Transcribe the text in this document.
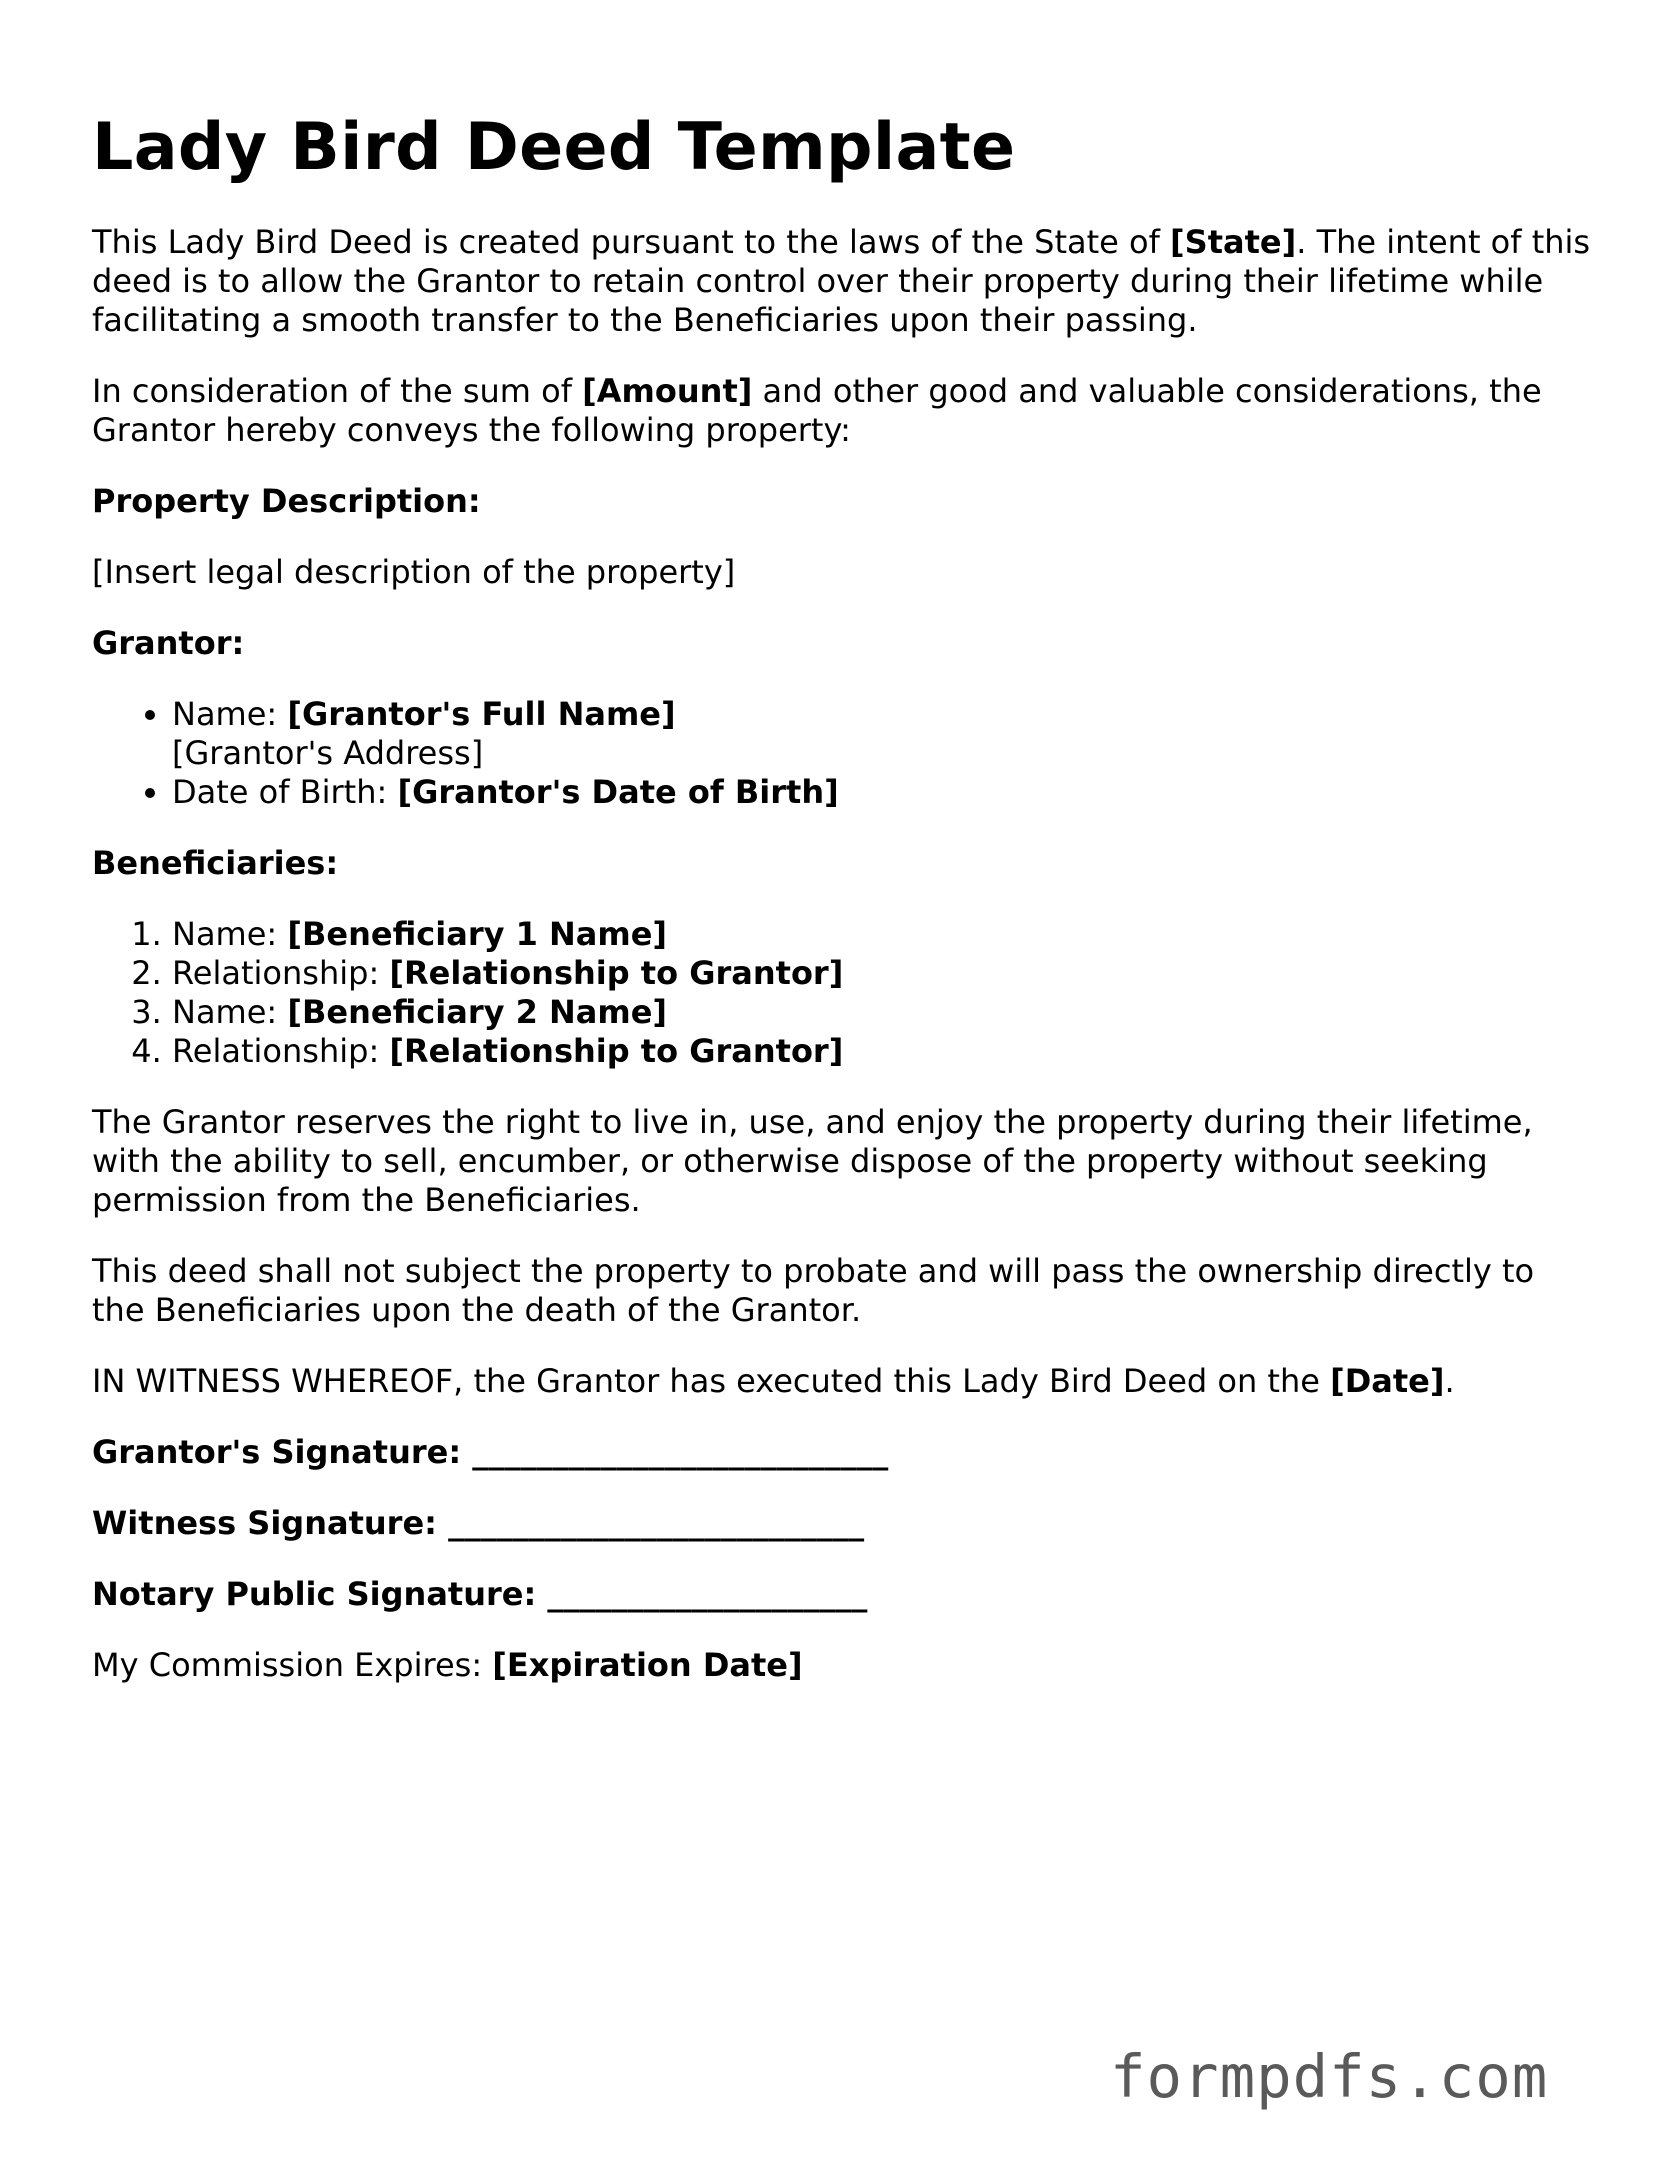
Lady Bird Deed Template

This Lady Bird Deed is created pursuant to the laws of the State of [State]. The intent of this deed is to allow the Grantor to retain control over their property during their lifetime while facilitating a smooth transfer to the Beneficiaries upon their passing.

In consideration of the sum of [Amount] and other good and valuable considerations, the Grantor hereby conveys the following property:

Property Description:

[Insert legal description of the property]

Grantor:

• Name: [Grantor's Full Name]
[Grantor's Address]
• Date of Birth: [Grantor's Date of Birth]

Beneficiaries:

1. Name: [Beneficiary 1 Name]
2. Relationship: [Relationship to Grantor]
3. Name: [Beneficiary 2 Name]
4. Relationship: [Relationship to Grantor]

The Grantor reserves the right to live in, use, and enjoy the property during their lifetime, with the ability to sell, encumber, or otherwise dispose of the property without seeking permission from the Beneficiaries.

This deed shall not subject the property to probate and will pass the ownership directly to the Beneficiaries upon the death of the Grantor.

IN WITNESS WHEREOF, the Grantor has executed this Lady Bird Deed on the [Date].

Grantor's Signature: __________________________

Witness Signature: __________________________

Notary Public Signature: ____________________

My Commission Expires: [Expiration Date]

formpdfs.com
